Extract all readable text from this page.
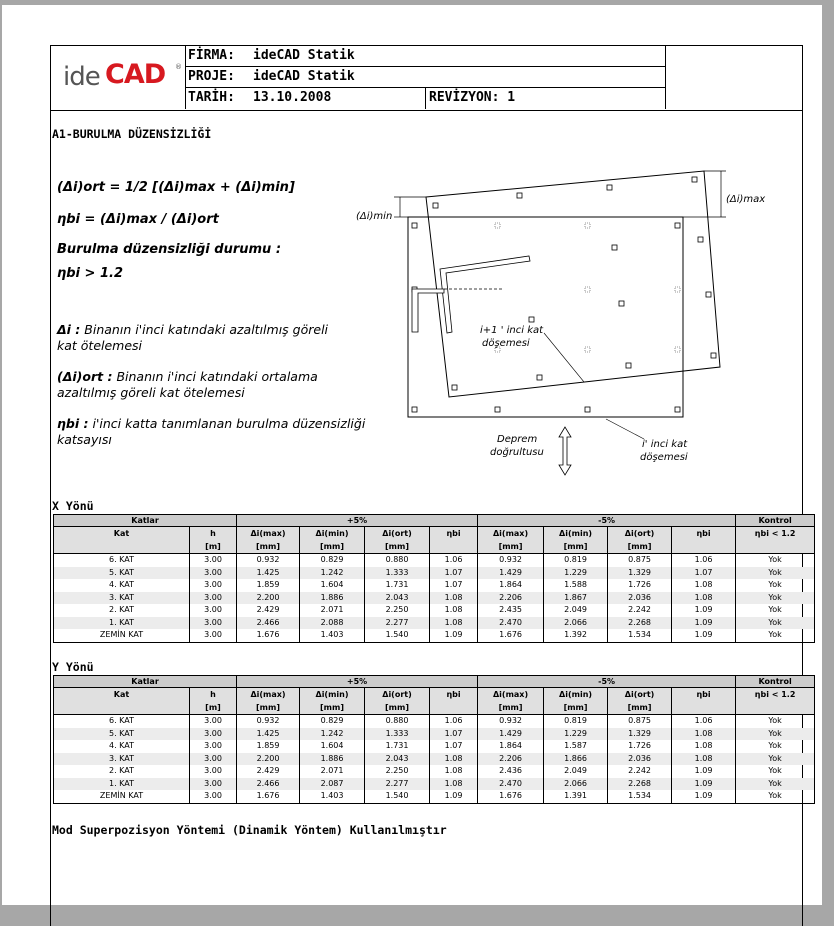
ide CAD ®
FİRMA: ideCAD Statik
PROJE: ideCAD Statik
TARİH: 13.10.2008	REVİZYON: 1
A1-BURULMA DÜZENSİZLİĞİ
(Δi)ort = 1/2 [(Δi)max + (Δi)min]
ηbi = (Δi)max / (Δi)ort
Burulma düzensizliği durumu :
ηbi > 1.2
Δi : Binanın i'inci katındaki azaltılmış göreli kat ötelemesi
(Δi)ort : Binanın i'inci katındaki ortalama azaltılmış göreli kat ötelemesi
ηbi : i'inci katta tanımlanan burulma düzensizliği katsayısı
(Δi)max
(Δi)min
i+1 ' inci kat
döşemesi
Deprem
doğrultusu
i' inci kat
döşemesi
X Yönü
Katlar		+5%				-5%				Kontrol
Kat	h	Δi(max)	Δi(min)	Δi(ort)	ηbi	Δi(max)	Δi(min)	Δi(ort)	ηbi	ηbi < 1.2
	[m]	[mm]	[mm]	[mm]		[mm]	[mm]	[mm]		
6. KAT	3.00	0.932	0.829	0.880	1.06	0.932	0.819	0.875	1.06	Yok
5. KAT	3.00	1.425	1.242	1.333	1.07	1.429	1.229	1.329	1.07	Yok
4. KAT	3.00	1.859	1.604	1.731	1.07	1.864	1.588	1.726	1.08	Yok
3. KAT	3.00	2.200	1.886	2.043	1.08	2.206	1.867	2.036	1.08	Yok
2. KAT	3.00	2.429	2.071	2.250	1.08	2.435	2.049	2.242	1.09	Yok
1. KAT	3.00	2.466	2.088	2.277	1.08	2.470	2.066	2.268	1.09	Yok
ZEMİN KAT	3.00	1.676	1.403	1.540	1.09	1.676	1.392	1.534	1.09	Yok
Y Yönü
Katlar		+5%				-5%				Kontrol
Kat	h	Δi(max)	Δi(min)	Δi(ort)	ηbi	Δi(max)	Δi(min)	Δi(ort)	ηbi	ηbi < 1.2
	[m]	[mm]	[mm]	[mm]		[mm]	[mm]	[mm]		
6. KAT	3.00	0.932	0.829	0.880	1.06	0.932	0.819	0.875	1.06	Yok
5. KAT	3.00	1.425	1.242	1.333	1.07	1.429	1.229	1.329	1.08	Yok
4. KAT	3.00	1.859	1.604	1.731	1.07	1.864	1.587	1.726	1.08	Yok
3. KAT	3.00	2.200	1.886	2.043	1.08	2.206	1.866	2.036	1.08	Yok
2. KAT	3.00	2.429	2.071	2.250	1.08	2.436	2.049	2.242	1.09	Yok
1. KAT	3.00	2.466	2.087	2.277	1.08	2.470	2.066	2.268	1.09	Yok
ZEMİN KAT	3.00	1.676	1.403	1.540	1.09	1.676	1.391	1.534	1.09	Yok
Mod Superpozisyon Yöntemi (Dinamik Yöntem) Kullanılmıştır
